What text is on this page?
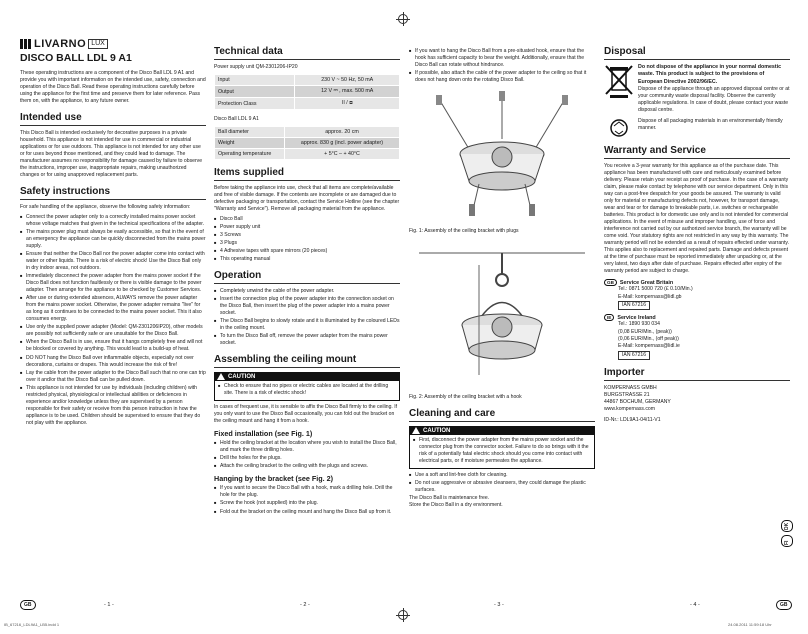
LIVARNO LUX
DISCO BALL LDL 9 A1

These operating instructions are a component of the Disco Ball LDL 9 A1 and provide you with important information on the intended use, safety, connection and operation of the Disco Ball. Read these operating instructions carefully before using the appliance for the first time and preserve them for later reference. Pass them on, with the appliance, to any future owner.

Intended use

This Disco Ball is intended exclusively for decorative purposes in a private household. This appliance is not intended for use in commercial or industrial applications or for use outdoors. This appliance is not intended for any other use or for uses beyond those mentioned, and they could lead to damage. The manufacturer assumes no responsibility for damage caused by failure to observe the instructions, improper use, inappropriate repairs, making unauthorized changes or for using unapproved replacement parts.

Safety instructions

For safe handling of the appliance, observe the following safety information:

■ Connect the power adapter only to a correctly installed mains power socket whose voltage matches that given in the technical specifications of the adapter.
■ The mains power plug must always be easily accessible, so that in the event of an emergency the appliance can be quickly disconnected from the mains power supply.
■ Ensure that neither the Disco Ball nor the power adapter come into contact with water or other liquids. There is a risk of electric shock! Use the Disco Ball only in dry indoor areas, not outdoors.
■ Immediately disconnect the power adapter from the mains power socket if the Disco Ball does not function faultlessly or there is visible damage to the power adapter. Then arrange for the appliance to be checked by Customer Services.
■ After use or during extended absences, ALWAYS remove the power adapter from the mains power socket. Otherwise, the power adapter remains "live" for as long as it continues to be connected to the mains power socket. This it also consumes energy.
■ Use only the supplied power adapter (Model: QM-2301206IP20), other models are possibly not sufficiently safe or are unsuitable for the Disco Ball.
■ When the Disco Ball is in use, ensure that it hangs completely free and will not be blocked or covered by anything. This would lead to a build-up of heat.
■ DO NOT hang the Disco Ball over inflammable objects, especially not over decorations, curtains or drapes. This would increase the risk of fire!
■ Lay the cable from the power adapter to the Disco Ball such that no one can trip over it and/or that the Disco Ball can be pulled down.
■ This appliance is not intended for use by individuals (including children) with restricted physical, physiological or intellectual abilities or deficiences in experience and/or knowledge unless they are supervised by a person responsible for their safety or receive from this person instruction in how the appliance is to be used. Children should be supervised to ensure that they do not play with the appliance.
Technical data

Power supply unit QM-2301206-IP20

Input	230 V ~ 50 Hz, 50 mA
Output	12 V ⎓ , max. 500 mA
Protection Class	II / ⧈

Disco Ball LDL 9 A1

Ball diameter	approx. 20 cm
Weight	approx. 830 g (incl. power adapter)
Operating temperature	+ 5°C – + 40°C
Items supplied

Before taking the appliance into use, check that all items are complete/available and free of visible damage. If the contents are incomplete or are damaged due to defective packaging or transportation, contact the Service Hotline (see the chapter "Warranty and Service"). Remove all packaging material from the appliance.

■ Disco Ball
■ Power supply unit
■ 3 Screws
■ 3 Plugs
■ 4 Adhesive tapes with spare mirrors (20 pieces)
■ This operating manual
Operation
■ Completely unwind the cable of the power adapter.
■ Insert the connection plug of the power adapter into the connection socket on the Disco Ball, then insert the plug of the power adapter into a mains power socket.
■ The Disco Ball begins to slowly rotate and it is illuminated by the coloured LEDs in the ceiling mount.
■ To turn the Disco Ball off, remove the power adapter from the mains power socket.
Assembling the ceiling mount
CAUTION
■ Check to ensure that no pipes or electric cables are located at the drilling site. There is a risk of electric shock!

In cases of frequent use, it is sensible to affix the Disco Ball firmly to the ceiling. If you only want to use the Disco Ball occasionally, you can fold out the bracket on the ceiling mount and hang it from a hook.

Fixed installation (see Fig. 1)
■ Hold the ceiling bracket at the location where you wish to install the Disco Ball, and mark the three drilling holes.
■ Drill the holes for the plugs.
■ Attach the ceiling bracket to the ceiling with the plugs and screws.
Hanging by the bracket (see Fig. 2)
■ If you want to secure the Disco Ball with a hook, mark a drilling hole. Drill the hole for the plug.
■ Screw the hook (not supplied) into the plug.
■ Fold out the bracket on the ceiling mount and hang the Disco Ball up from it.
■ If you want to hang the Disco Ball from a pre-situated hook, ensure that the hook has sufficient capacity to bear the weight. Additionally, ensure that the Disco Ball can rotate without hindrance.
■ If possible, also attach the cable of the power adapter to the ceiling so that it does not hang down onto the rotating Disco Ball.

Fig. 1: Assembly of the ceiling bracket with plugs

Fig. 2: Assembly of the ceiling bracket with a hook

Cleaning and care
CAUTION
■ First, disconnect the power adapter from the mains power socket and the connector plug from the connector socket. Failure to do so brings with it the risk of a potentially fatal electric shock should you come into contact with electrical parts, or if moisture permeates the appliance.
■ Use a soft and lint-free cloth for cleaning.
■ Do not use aggressive or abrasive cleansers, they could damage the plastic surfaces.

The Disco Ball is maintenance free.

Store the Disco Ball in a dry environment.

Disposal

Do not dispose of the appliance in your normal domestic waste. This product is subject to the provisions of European Directive 2002/96/EC.

Dispose of the appliance through an approved disposal centre or at your community waste disposal facility. Observe the currently applicable regulations. In case of doubt, please contact your waste disposal centre.

Dispose of all packaging materials in an environmentally friendly manner.

Warranty and Service

You receive a 3-year warranty for this appliance as of the purchase date. This appliance has been manufactured with care and meticulously examined before delivery. Please retain your receipt as proof of purchase. In the case of a warranty claim, please make contact by telephone with our service department. Only in this way can a post-free despatch for your goods be assured. The warranty is valid only for material or manufacturing defects not, however, for transport damage, wear and tear or for damage to breakable parts, i.e. switches or rechargeable batteries. This product is for domestic use only and is not intended for commercial applications. In the event of misuse and improper handling, use of force and interference not carried out by our authorized service branch, the warranty will be come void. Your statutory rights are not restricted in any way by this warranty. The warranty period will not be extended as a result of repairs effected under warranty. This applies also to replacement and repaired parts. Damage and defects present at the time of purchase must be reported immediately after unpacking or, at the very latest, two days after date of purchase. Repairs effected after expiry of the warranty period are subject to charge.

GB	Service Great Britain
Tel.: 0871 5000 720 (£ 0.10/Min.)
E-Mail: kompernass@lidl.gb
IAN 67216
IE	Service Ireland
Tel.: 1890 930 034
(0,08 EUR/Min., (peak))
(0,06 EUR/Min., (off peak))
E-Mail: kompernass@lidl.ie
IAN 67216
Importer

KOMPERNASS GMBH

BURGSTRASSE 21

44867 BOCHUM, GERMANY

www.kompernass.com

ID-Nr.: LDL9A1-04/11-V1

DK
FI
GB	- 1 -	- 2 -	- 3 -	- 4 -	GB
IB_67216_LDL9A1_LB5.indd 1	24.08.2011 11:59:18 Uhr
